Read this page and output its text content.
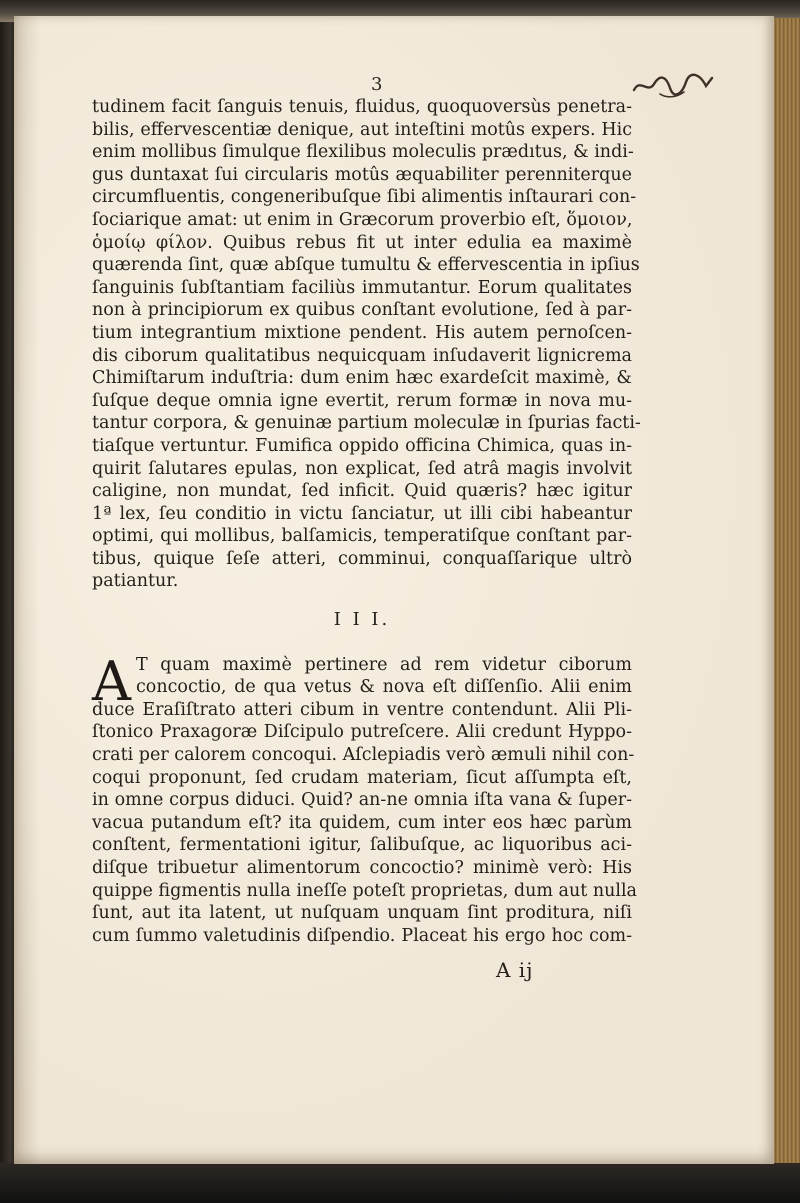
3

tudinem facit ſanguis tenuis, fluidus, quoquoversùs penetra-
bilis, effervescentiæ denique, aut inteſtini motûs expers. Hic
enim mollibus ſimulque flexilibus moleculis prædıtus, & indi-
gus duntaxat ſui circularis motûs æquabiliter perenniterque
circumfluentis, congeneribuſque ſibi alimentis inſtaurari con-
ſociarique amat: ut enim in Græcorum proverbio eſt, ὅμοιον,
ὁμοίῳ φίλον. Quibus rebus fit ut inter edulia ea maximè
quærenda ſint, quæ abſque tumultu & effervescentia in ipſius
ſanguinis ſubſtantiam faciliùs immutantur. Eorum qualitates
non à principiorum ex quibus conſtant evolutione, ſed à par-
tium integrantium mixtione pendent. His autem pernoſcen-
dis ciborum qualitatibus nequicquam inſudaverit lignicrema
Chimiſtarum induſtria: dum enim hæc exardeſcit maximè, &
ſuſque deque omnia igne evertit, rerum formæ in nova mu-
tantur corpora, & genuinæ partium moleculæ in ſpurias facti-
tiaſque vertuntur. Fumifica oppido officina Chimica, quas in-
quirit ſalutares epulas, non explicat, ſed atrâ magis involvit
caligine, non mundat, ſed inficit. Quid quæris? hæc igitur
1ª lex, ſeu conditio in victu ſanciatur, ut illi cibi habeantur
optimi, qui mollibus, balſamicis, temperatiſque conſtant par-
tibus, quique ſeſe atteri, comminui, conquaſſarique ultrò
patiantur.
I I I.
A T quam maximè pertinere ad rem videtur ciborum
concoctio, de qua vetus & nova eſt diſſenſio. Alii enim
duce Eraſiſtrato atteri cibum in ventre contendunt. Alii Pli-
ſtonico Praxagoræ Diſcipulo putreſcere. Alii credunt Hyppo-
crati per calorem concoqui. Aſclepiadis verò æmuli nihil con-
coqui proponunt, ſed crudam materiam, ſicut aſſumpta eſt,
in omne corpus diduci. Quid? an-ne omnia iſta vana & ſuper-
vacua putandum eſt? ita quidem, cum inter eos hæc parùm
conſtent, fermentationi igitur, ſalibuſque, ac liquoribus aci-
diſque tribuetur alimentorum concoctio? minimè verò: His
quippe figmentis nulla ineſſe poteſt proprietas, dum aut nulla
ſunt, aut ita latent, ut nuſquam unquam ſint proditura, niſi
cum ſummo valetudinis diſpendio. Placeat his ergo hoc com-

A ij
